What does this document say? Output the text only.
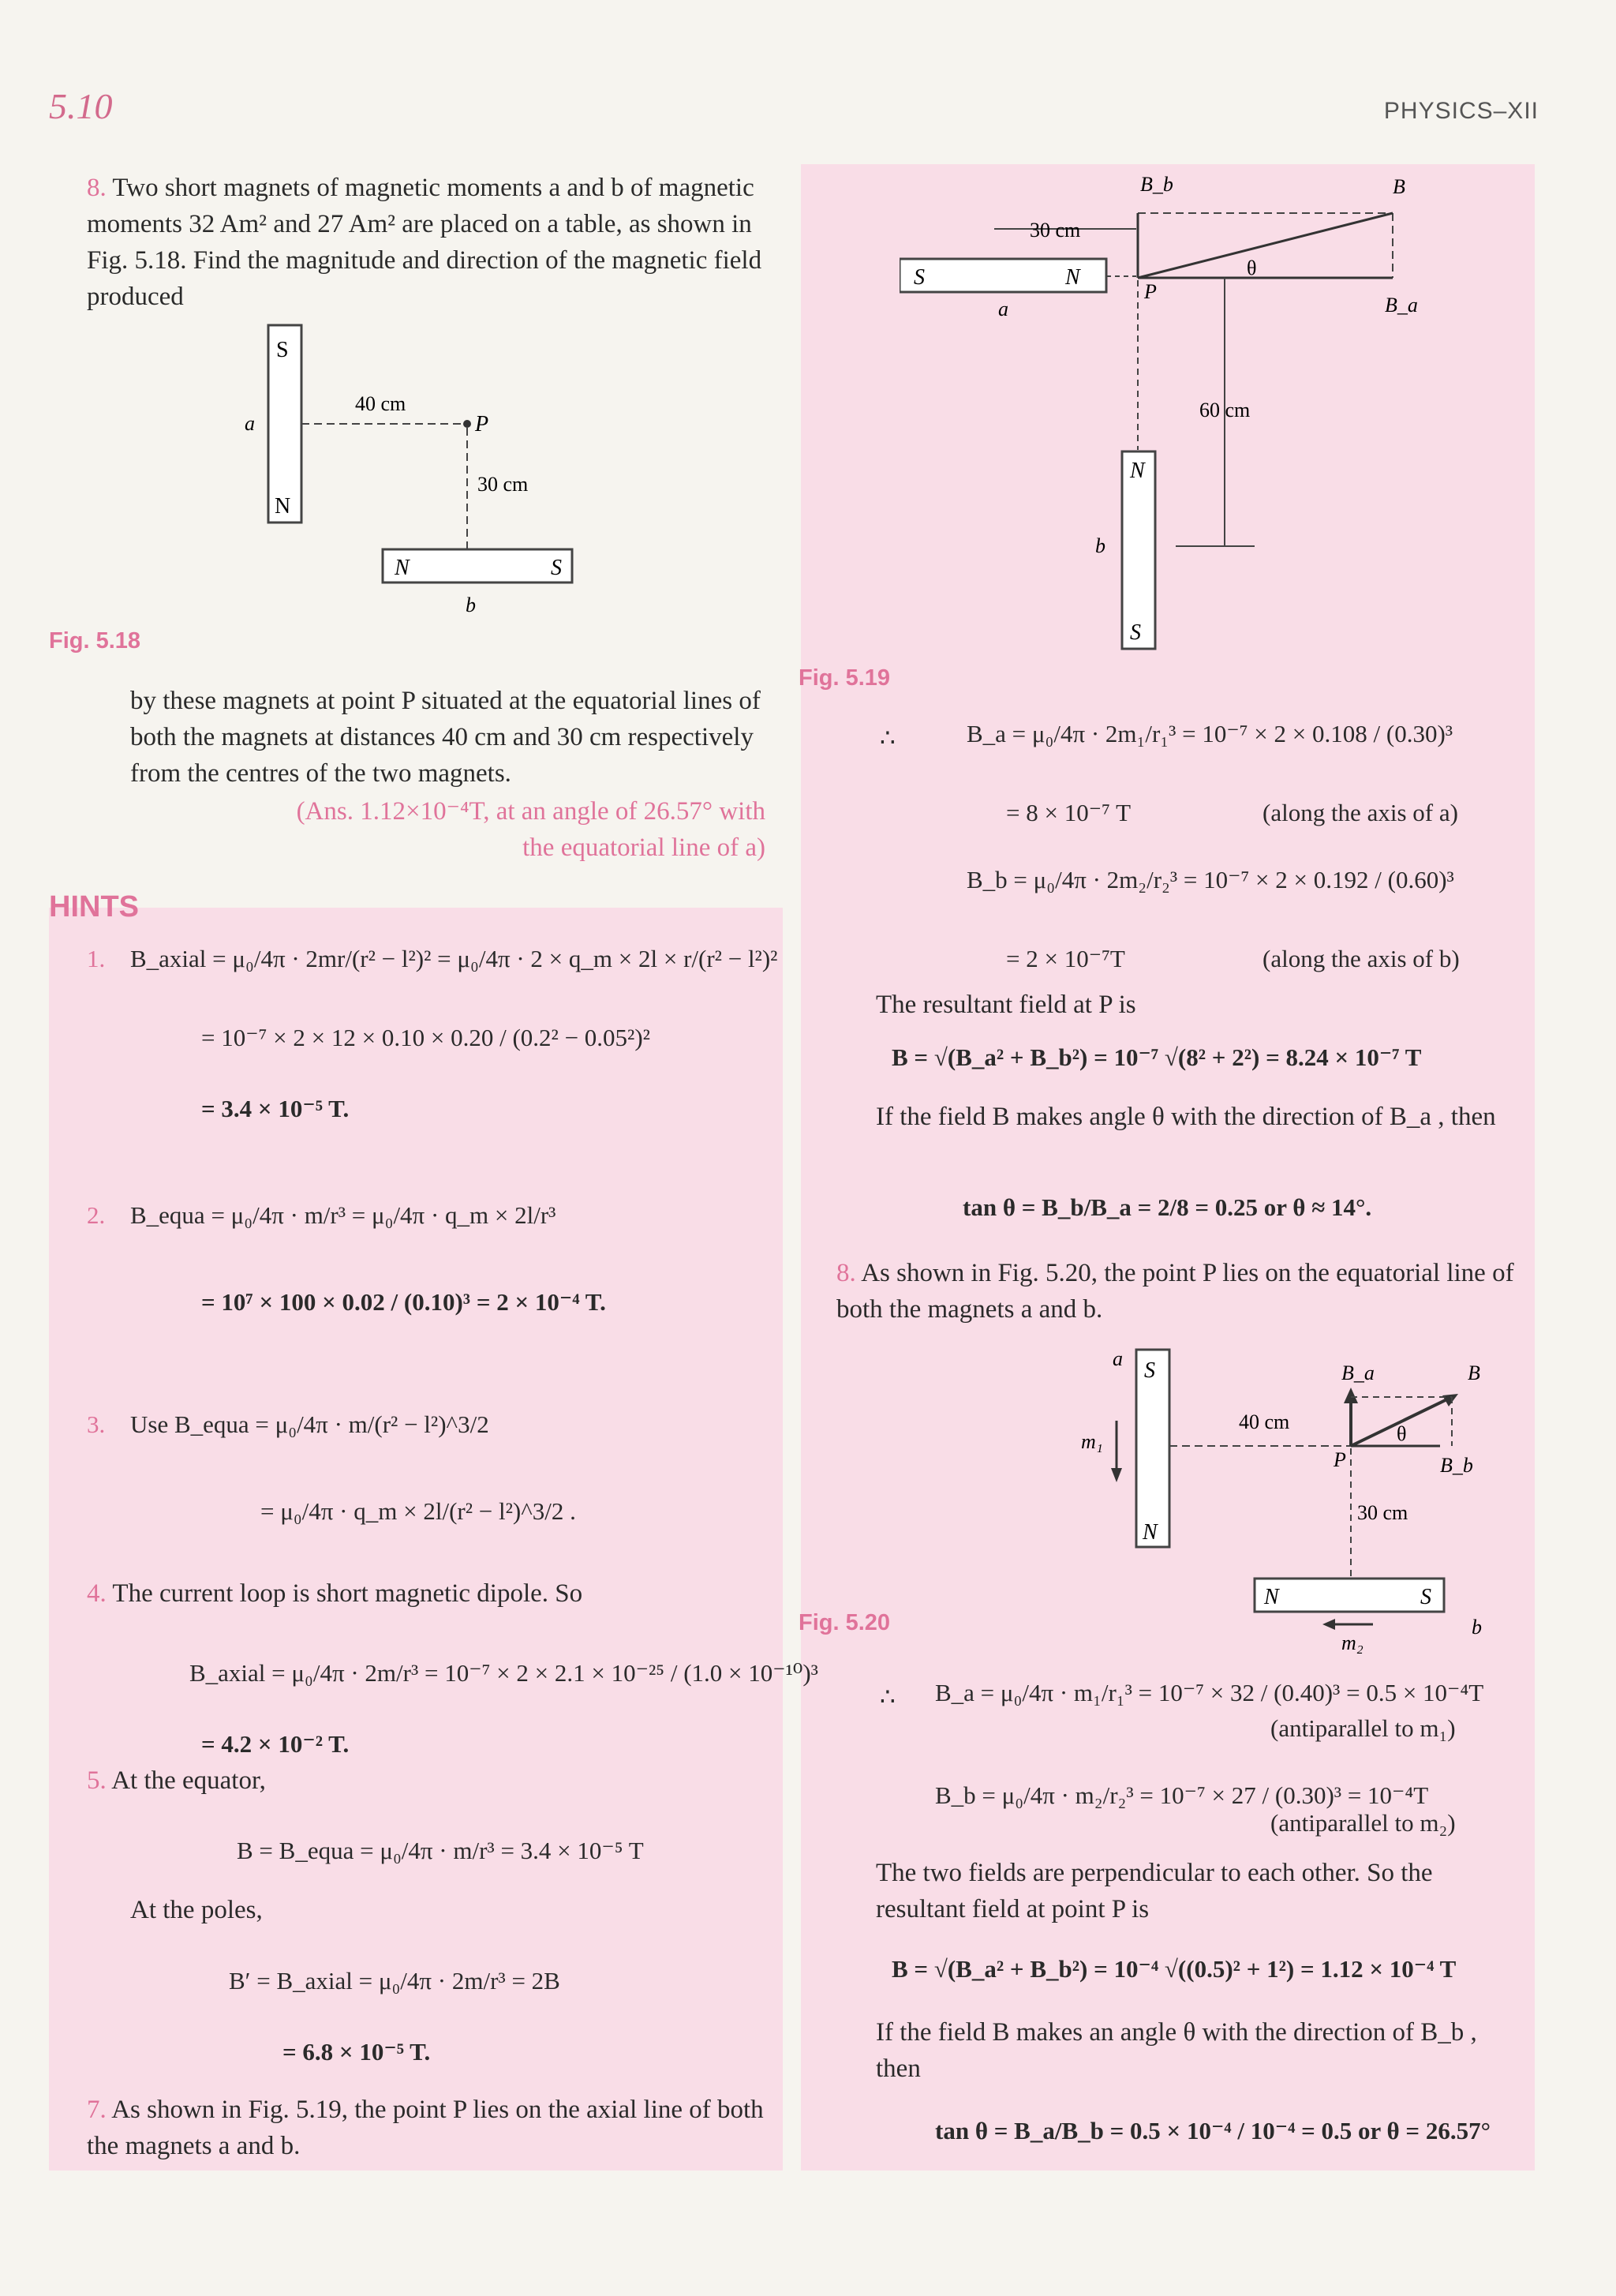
5.10	PHYSICS–XII
8. Two short magnets of magnetic moments a and b of magnetic moments 32 Am² and 27 Am² are placed on a table, as shown in Fig. 5.18. Find the magnitude and direction of the magnetic field produced
S
N
a
40 cm
P
30 cm
N	S
b
Fig. 5.18
by these magnets at point P situated at the equatorial lines of both the magnets at distances 40 cm and 30 cm respectively from the centres of the two magnets.
(Ans. 1.12×10⁻⁴T, at an angle of 26.57° with the equatorial line of a)
HINTS
1. B_axial = μ₀/4π · 2mr/(r² − l²)² = μ₀/4π · 2 × q_m × 2l × r/(r² − l²)²
= 10⁻⁷ × 2 × 12 × 0.10 × 0.20 / (0.2² − 0.05²)²
= 3.4 × 10⁻⁵ T.
2. B_equa = μ₀/4π · m/r³ = μ₀/4π · q_m × 2l/r³
= 10⁷ × 100 × 0.02 / (0.10)³ = 2 × 10⁻⁴ T.
3. Use B_equa = μ₀/4π · m/(r² − l²)^3/2
= μ₀/4π · q_m × 2l/(r² − l²)^3/2 .
4. The current loop is short magnetic dipole. So
B_axial = μ₀/4π · 2m/r³ = 10⁻⁷ × 2 × 2.1 × 10⁻²⁵ / (1.0 × 10⁻¹⁰)³
= 4.2 × 10⁻² T.
5. At the equator,
B = B_equa = μ₀/4π · m/r³ = 3.4 × 10⁻⁵ T
At the poles,
B′ = B_axial = μ₀/4π · 2m/r³ = 2B
= 6.8 × 10⁻⁵ T.
7. As shown in Fig. 5.19, the point P lies on the axial line of both the magnets a and b.
B_b	B
30 cm
S	N	θ
a
P
B_a
60 cm
N
S
b
Fig. 5.19
∴	B_a = μ₀/4π · 2m₁/r₁³ = 10⁻⁷ × 2 × 0.108 / (0.30)³
= 8 × 10⁻⁷ T	(along the axis of a)
B_b = μ₀/4π · 2m₂/r₂³ = 10⁻⁷ × 2 × 0.192 / (0.60)³
= 2 × 10⁻⁷T	(along the axis of b)
The resultant field at P is
B = √(B_a² + B_b²) = 10⁻⁷ √(8² + 2²) = 8.24 × 10⁻⁷ T
If the field B makes angle θ with the direction of B_a , then
tan θ = B_b/B_a = 2/8 = 0.25 or θ ≈ 14°.
8. As shown in Fig. 5.20, the point P lies on the equatorial line of both the magnets a and b.
a S
N
m₁
40 cm
B_a	B
θ
P	B_b
30 cm
N	S
b
m₂
Fig. 5.20
∴ B_a = μ₀/4π · m₁/r₁³ = 10⁻⁷ × 32 / (0.40)³ = 0.5 × 10⁻⁴T
(antiparallel to m₁)
B_b = μ₀/4π · m₂/r₂³ = 10⁻⁷ × 27 / (0.30)³ = 10⁻⁴T
(antiparallel to m₂)
The two fields are perpendicular to each other. So the resultant field at point P is
B = √(B_a² + B_b²) = 10⁻⁴ √((0.5)² + 1²) = 1.12 × 10⁻⁴ T
If the field B makes an angle θ with the direction of B_b , then
tan θ = B_a/B_b = 0.5 × 10⁻⁴ / 10⁻⁴ = 0.5 or θ = 26.57°
